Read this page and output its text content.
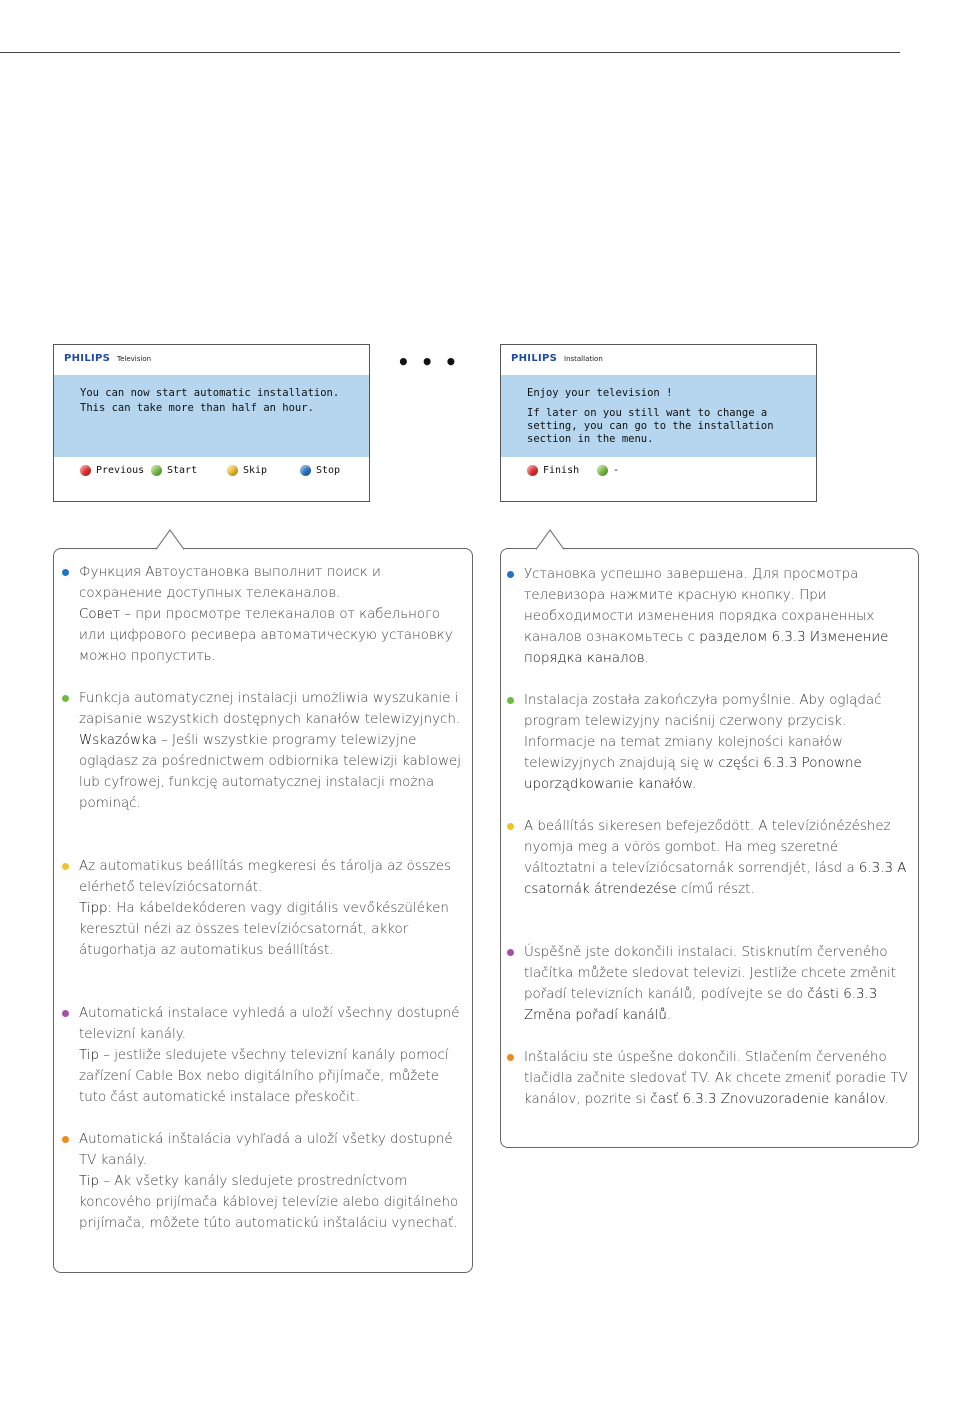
PHILIPS Television

You can now start automatic installation.

This can take more than half an hour.

Previous Start	Skip	Stop
• • •	PHILIPS Installation

Enjoy your television !

If later on you still want to change a setting, you can go to the installation section in the menu.

Finish	-
Функция Автоустановка выполнит поиск и сохранение доступных телеканалов.
Совет – при просмотре телеканалов от кабельного или цифрового ресивера автоматическую установку можно пропустить.
Funkcja automatycznej instalacji umożliwia wyszukanie i zapisanie wszystkich dostępnych kanałów telewizyjnych.
Wskazówka – Jeśli wszystkie programy telewizyjne oglądasz za pośrednictwem odbiornika telewizji kablowej lub cyfrowej, funkcję automatycznej instalacji można pominąć.
Az automatikus beállítás megkeresi és tárolja az összes elérhető televíziócsatornát.
Tipp: Ha kábeldekóderen vagy digitális vevőkészüléken keresztül nézi az összes televíziócsatornát, akkor átugorhatja az automatikus beállítást.
Automatická instalace vyhledá a uloží všechny dostupné televizní kanály.
Tip – jestliže sledujete všechny televizní kanály pomocí zařízení Cable Box nebo digitálního přijímače, můžete tuto část automatické instalace přeskočit.
Automatická inštalácia vyhľadá a uloží všetky dostupné TV kanály.
Tip – Ak všetky kanály sledujete prostredníctvom koncového prijímača káblovej televízie alebo digitálneho prijímača, môžete túto automatickú inštaláciu vynechať.
Установка успешно завершена. Для просмотра телевизора нажмите красную кнопку. При необходимости изменения порядка сохраненных каналов ознакомьтесь с разделом 6.3.3 Изменение порядка каналов.
Instalacja została zakończyła pomyślnie. Aby oglądać program telewizyjny naciśnij czerwony przycisk. Informacje na temat zmiany kolejności kanałów telewizyjnych znajdują się w części 6.3.3 Ponowne uporządkowanie kanałów.
A beállítás sikeresen befejeződött. A televíziónézéshez nyomja meg a vörös gombot. Ha meg szeretné változtatni a televíziócsatornák sorrendjét, lásd a 6.3.3 A csatornák átrendezése című részt.
Úspěšně jste dokončili instalaci. Stisknutím červeného tlačítka můžete sledovat televizi. Jestliže chcete změnit pořadí televizních kanálů, podívejte se do části 6.3.3 Změna pořadí kanálů.
Inštaláciu ste úspešne dokončili. Stlačením červeného tlačidla začnite sledovať TV. Ak chcete zmeniť poradie TV kanálov, pozrite si časť 6.3.3 Znovuzoradenie kanálov.
